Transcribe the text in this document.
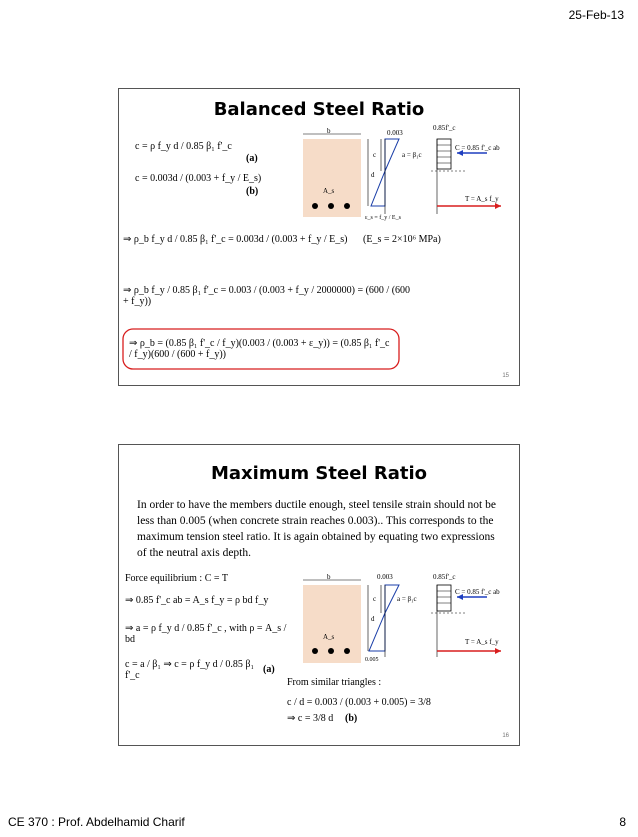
25-Feb-13
Balanced Steel Ratio
b
d
c
A_s
0.003
ε_s = f_y / E_s
0.85f'_c
a = β₁c
C = 0.85 f'_c ab
T = A_s f_y
c = ρ f_y d / 0.85 β₁ f'_c
(a)
c = 0.003d / (0.003 + f_y / E_s)
(b)
⇒ ρ_b f_y d / 0.85 β₁ f'_c = 0.003d / (0.003 + f_y / E_s)	(E_s = 2×10⁶ MPa)
⇒ ρ_b f_y / 0.85 β₁ f'_c = 0.003 / (0.003 + f_y / 2000000) = (600 / (600 + f_y))
⇒ ρ_b = (0.85 β₁ f'_c / f_y)(0.003 / (0.003 + ε_y)) = (0.85 β₁ f'_c / f_y)(600 / (600 + f_y))
15
Maximum Steel Ratio
In order to have the members ductile enough, steel tensile strain should not be less than 0.005 (when concrete strain reaches 0.003).. This corresponds to the maximum tension steel ratio. It is again obtained by equating two expressions of the neutral axis depth.
b
d
c
A_s
0.003
0.005
0.85f'_c
a = β₁c
C = 0.85 f'_c ab
T = A_s f_y
Force equilibrium : C = T
⇒ 0.85 f'_c ab = A_s f_y = ρ bd f_y
⇒ a = ρ f_y d / 0.85 f'_c , with ρ = A_s / bd
c = a / β₁ ⇒ c = ρ f_y d / 0.85 β₁ f'_c
(a)
From similar triangles :
c / d = 0.003 / (0.003 + 0.005) = 3/8
⇒ c = 3/8 d (b)
16
CE 370 : Prof. Abdelhamid Charif	8
